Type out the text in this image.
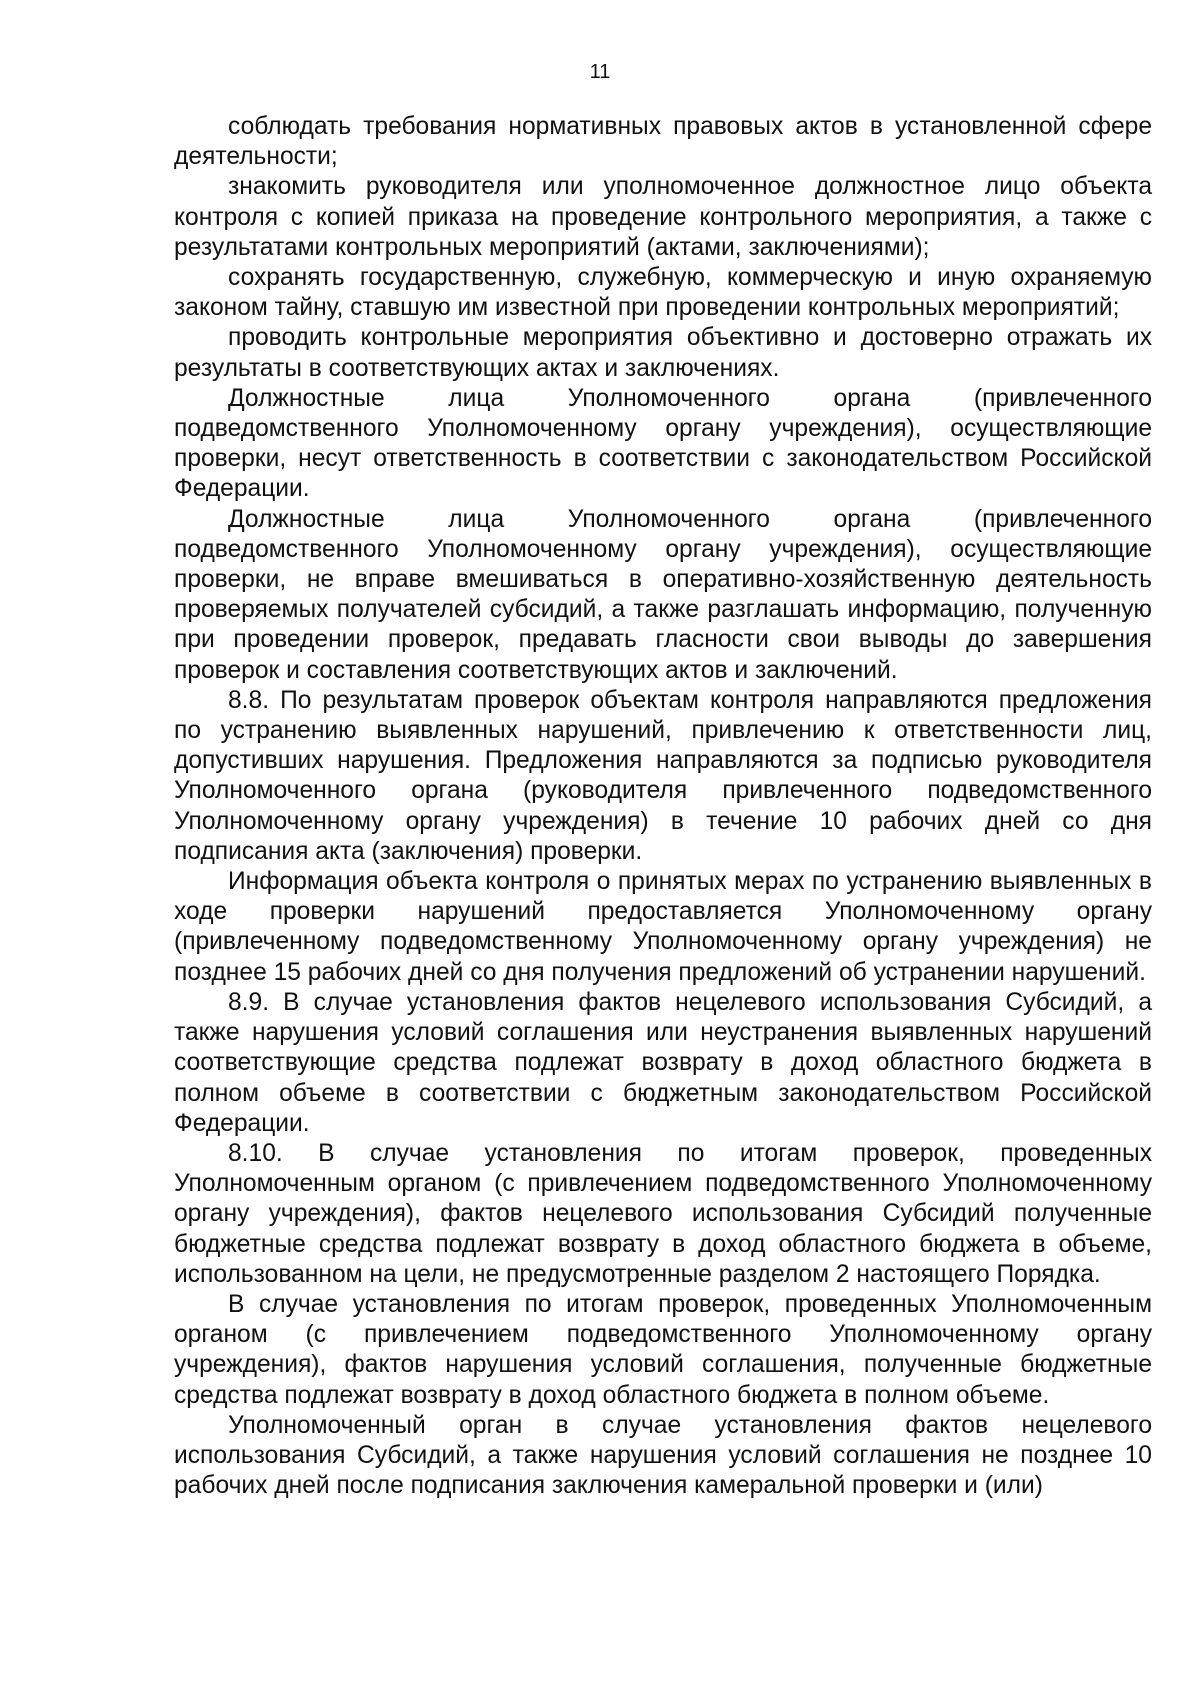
11

соблюдать требования нормативных правовых актов в установленной сфере деятельности;

знакомить руководителя или уполномоченное должностное лицо объекта контроля с копией приказа на проведение контрольного мероприятия, а также с результатами контрольных мероприятий (актами, заключениями);

сохранять государственную, служебную, коммерческую и иную охраняемую законом тайну, ставшую им известной при проведении контрольных мероприятий;

проводить контрольные мероприятия объективно и достоверно отражать их результаты в соответствующих актах и заключениях.

Должностные лица Уполномоченного органа (привлеченного подведомственного Уполномоченному органу учреждения), осуществляющие проверки, несут ответственность в соответствии с законодательством Российской Федерации.

Должностные лица Уполномоченного органа (привлеченного подведомственного Уполномоченному органу учреждения), осуществляющие проверки, не вправе вмешиваться в оперативно-хозяйственную деятельность проверяемых получателей субсидий, а также разглашать информацию, полученную при проведении проверок, предавать гласности свои выводы до завершения проверок и составления соответствующих актов и заключений.

8.8. По результатам проверок объектам контроля направляются предложения по устранению выявленных нарушений, привлечению к ответственности лиц, допустивших нарушения. Предложения направляются за подписью руководителя Уполномоченного органа (руководителя привлеченного подведомственного Уполномоченному органу учреждения) в течение 10 рабочих дней со дня подписания акта (заключения) проверки.

Информация объекта контроля о принятых мерах по устранению выявленных в ходе проверки нарушений предоставляется Уполномоченному органу (привлеченному подведомственному Уполномоченному органу учреждения) не позднее 15 рабочих дней со дня получения предложений об устранении нарушений.

8.9. В случае установления фактов нецелевого использования Субсидий, а также нарушения условий соглашения или неустранения выявленных нарушений соответствующие средства подлежат возврату в доход областного бюджета в полном объеме в соответствии с бюджетным законодательством Российской Федерации.

8.10. В случае установления по итогам проверок, проведенных Уполномоченным органом (с привлечением подведомственного Уполномоченному органу учреждения), фактов нецелевого использования Субсидий полученные бюджетные средства подлежат возврату в доход областного бюджета в объеме, использованном на цели, не предусмотренные разделом 2 настоящего Порядка.

В случае установления по итогам проверок, проведенных Уполномоченным органом (с привлечением подведомственного Уполномоченному органу учреждения), фактов нарушения условий соглашения, полученные бюджетные средства подлежат возврату в доход областного бюджета в полном объеме.

Уполномоченный орган в случае установления фактов нецелевого использования Субсидий, а также нарушения условий соглашения не позднее 10 рабочих дней после подписания заключения камеральной проверки и (или)
